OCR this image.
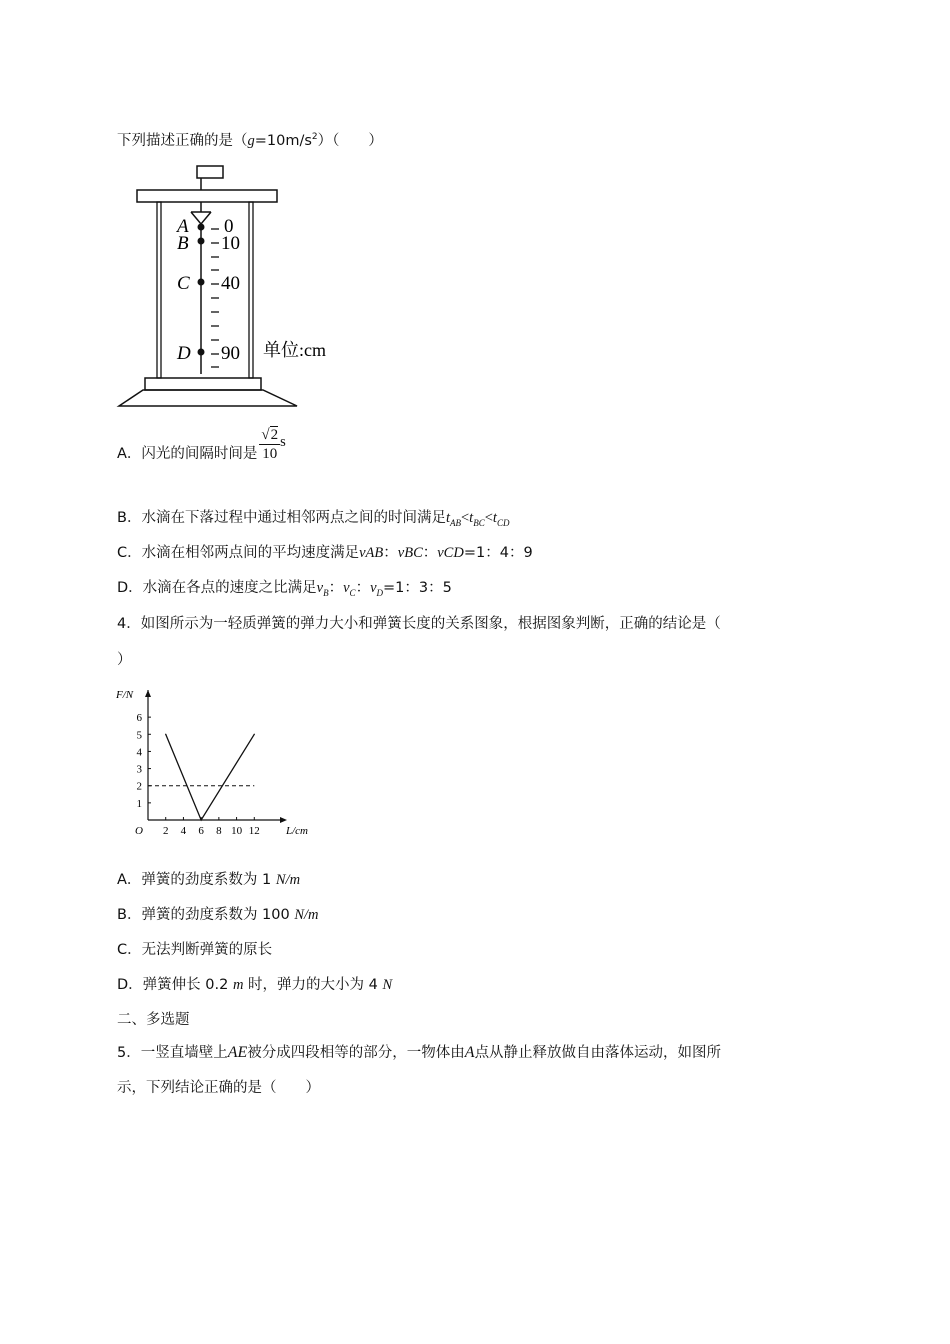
下列描述正确的是$(g=10m/s^2)$（　　）
A
B
C
D
0
10
40
90 单位:cm
A．闪光的间隔时间是 $\frac{√2}{10}$ s
B．水滴在下落过程中通过相邻两点之间的时间满足$t_{AB}<t_{BC}<t_{CD}$
C．水滴在相邻两点间的平均速度满足vAB：vBC：vCD=1：4：9
D．水滴在各点的速度之比满足$v_B$：$v_C$：$v_D=1$：3：5
4．如图所示为一轻质弹簧的弹力大小和弹簧长度的关系图象，根据图象判断，正确的结论是（
）
O
F/N
L/cm
2 4 6 8 10 12
1
2
3
4
5
6
A．弹簧的劲度系数为 1 N/m
B．弹簧的劲度系数为 100 N/m
C．无法判断弹簧的原长
D．弹簧伸长 0.2 m 时，弹力的大小为 4 N
二、多选题
5．一竖直墙壁上AE被分成四段相等的部分，一物体由A点从静止释放做自由落体运动，如图所
示，下列结论正确的是（　　）
